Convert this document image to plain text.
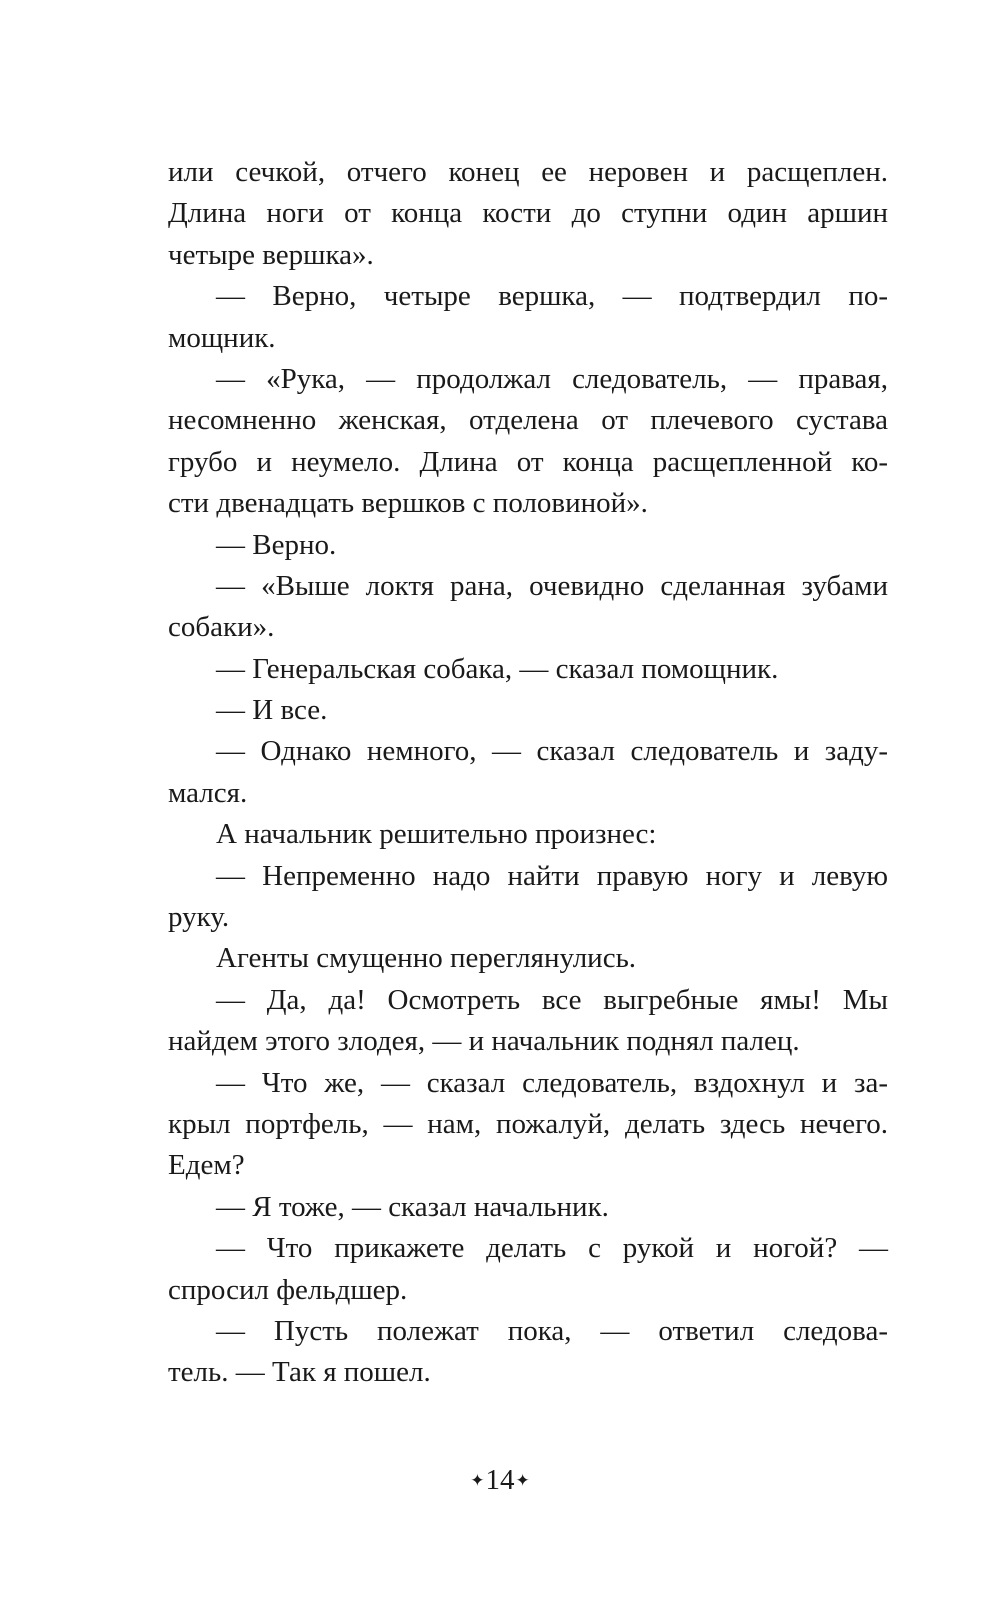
или сечкой, отчего конец ее неровен и расщеплен.
Длина ноги от конца кости до ступни один аршин
четыре вершка».
— Верно, четыре вершка, — подтвердил по-
мощник.
— «Рука, — продолжал следователь, — правая,
несомненно женская, отделена от плечевого сустава
грубо и неумело. Длина от конца расщепленной ко-
сти двенадцать вершков с половиной».
— Верно.
— «Выше локтя рана, очевидно сделанная зубами
собаки».
— Генеральская собака, — сказал помощник.
— И все.
— Однако немного, — сказал следователь и заду-
мался.
А начальник решительно произнес:
— Непременно надо найти правую ногу и левую
руку.
Агенты смущенно переглянулись.
— Да, да! Осмотреть все выгребные ямы! Мы
найдем этого злодея, — и начальник поднял палец.
— Что же, — сказал следователь, вздохнул и за-
крыл портфель, — нам, пожалуй, делать здесь нечего.
Едем?
— Я тоже, — сказал начальник.
— Что прикажете делать с рукой и ногой? —
спросил фельдшер.
— Пусть полежат пока, — ответил следова-
тель. — Так я пошел.
✦14✦
